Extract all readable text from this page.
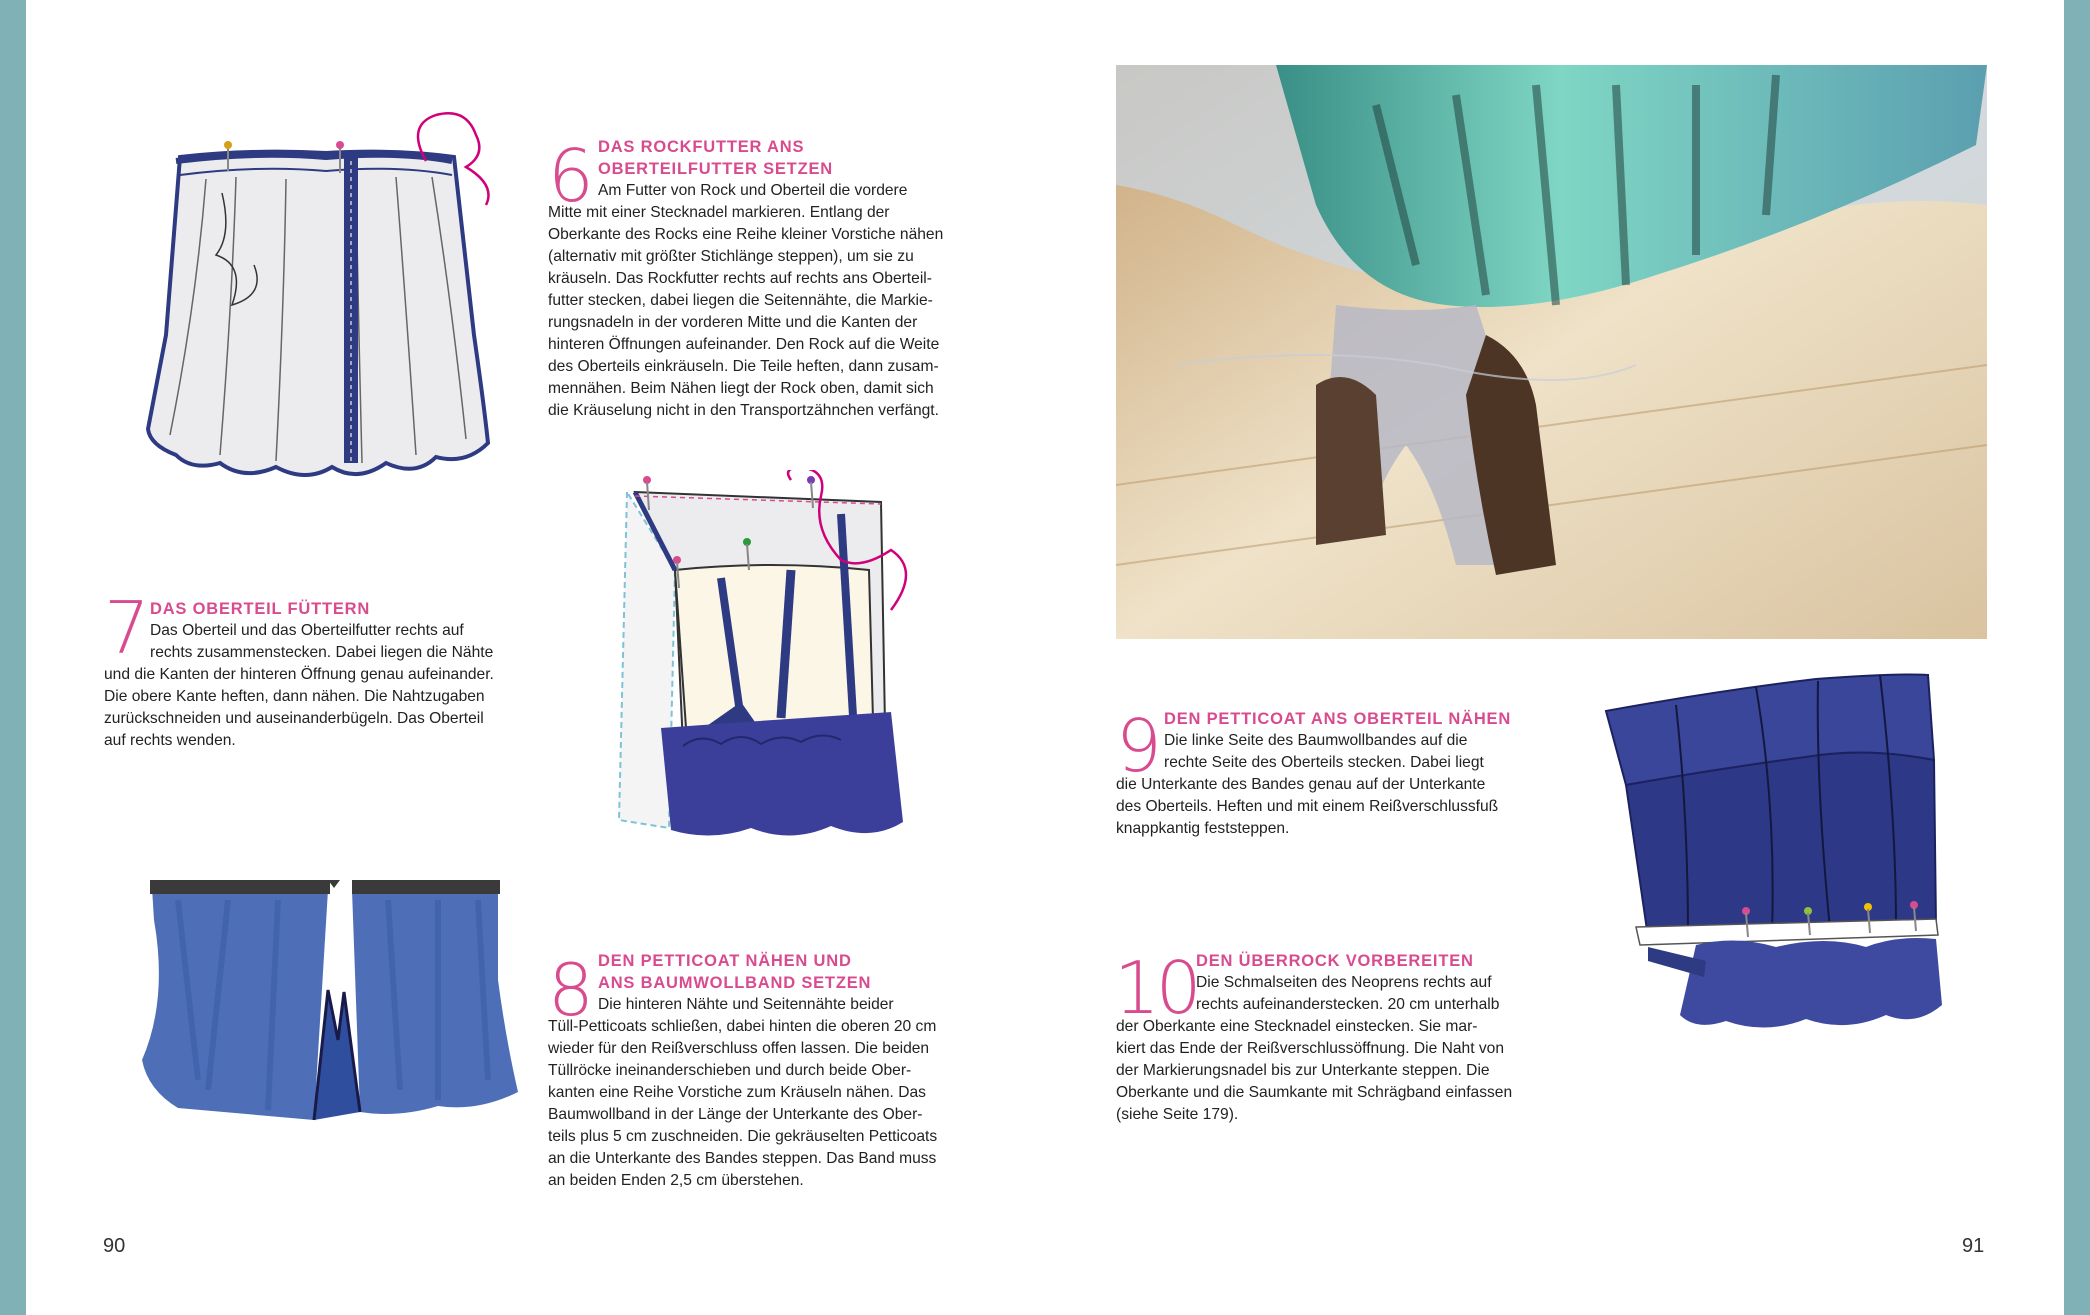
6 DAS ROCKFUTTER ANS
OBERTEILFUTTER SETZEN
Am Futter von Rock und Oberteil die vordere
Mitte mit einer Stecknadel markieren. Entlang der
Oberkante des Rocks eine Reihe kleiner Vorstiche nähen
(alternativ mit größter Stichlänge steppen), um sie zu
kräuseln. Das Rockfutter rechts auf rechts ans Oberteil-
futter stecken, dabei liegen die Seitennähte, die Markie-
rungsnadeln in der vorderen Mitte und die Kanten der
hinteren Öffnungen aufeinander. Den Rock auf die Weite
des Oberteils einkräuseln. Die Teile heften, dann zusam-
mennähen. Beim Nähen liegt der Rock oben, damit sich
die Kräuselung nicht in den Transportzähnchen verfängt.
7 DAS OBERTEIL FÜTTERN
Das Oberteil und das Oberteilfutter rechts auf
rechts zusammenstecken. Dabei liegen die Nähte
und die Kanten der hinteren Öffnung genau aufeinander.
Die obere Kante heften, dann nähen. Die Nahtzugaben
zurückschneiden und auseinanderbügeln. Das Oberteil
auf rechts wenden.
8 DEN PETTICOAT NÄHEN UND
ANS BAUMWOLLBAND SETZEN
Die hinteren Nähte und Seitennähte beider
Tüll-Petticoats schließen, dabei hinten die oberen 20 cm
wieder für den Reißverschluss offen lassen. Die beiden
Tüllröcke ineinanderschieben und durch beide Ober-
kanten eine Reihe Vorstiche zum Kräuseln nähen. Das
Baumwollband in der Länge der Unterkante des Ober-
teils plus 5 cm zuschneiden. Die gekräuselten Petticoats
an die Unterkante des Bandes steppen. Das Band muss
an beiden Enden 2,5 cm überstehen.
9 DEN PETTICOAT ANS OBERTEIL NÄHEN
Die linke Seite des Baumwollbandes auf die
rechte Seite des Oberteils stecken. Dabei liegt
die Unterkante des Bandes genau auf der Unterkante
des Oberteils. Heften und mit einem Reißverschlussfuß
knappkantig feststeppen.
10
DEN ÜBERROCK VORBEREITEN
Die Schmalseiten des Neoprens rechts auf
rechts aufeinanderstecken. 20 cm unterhalb
der Oberkante eine Stecknadel einstecken. Sie mar-
kiert das Ende der Reißverschlussöffnung. Die Naht von
der Markierungsnadel bis zur Unterkante steppen. Die
Oberkante und die Saumkante mit Schrägband einfassen
(siehe Seite 179).
90	91
